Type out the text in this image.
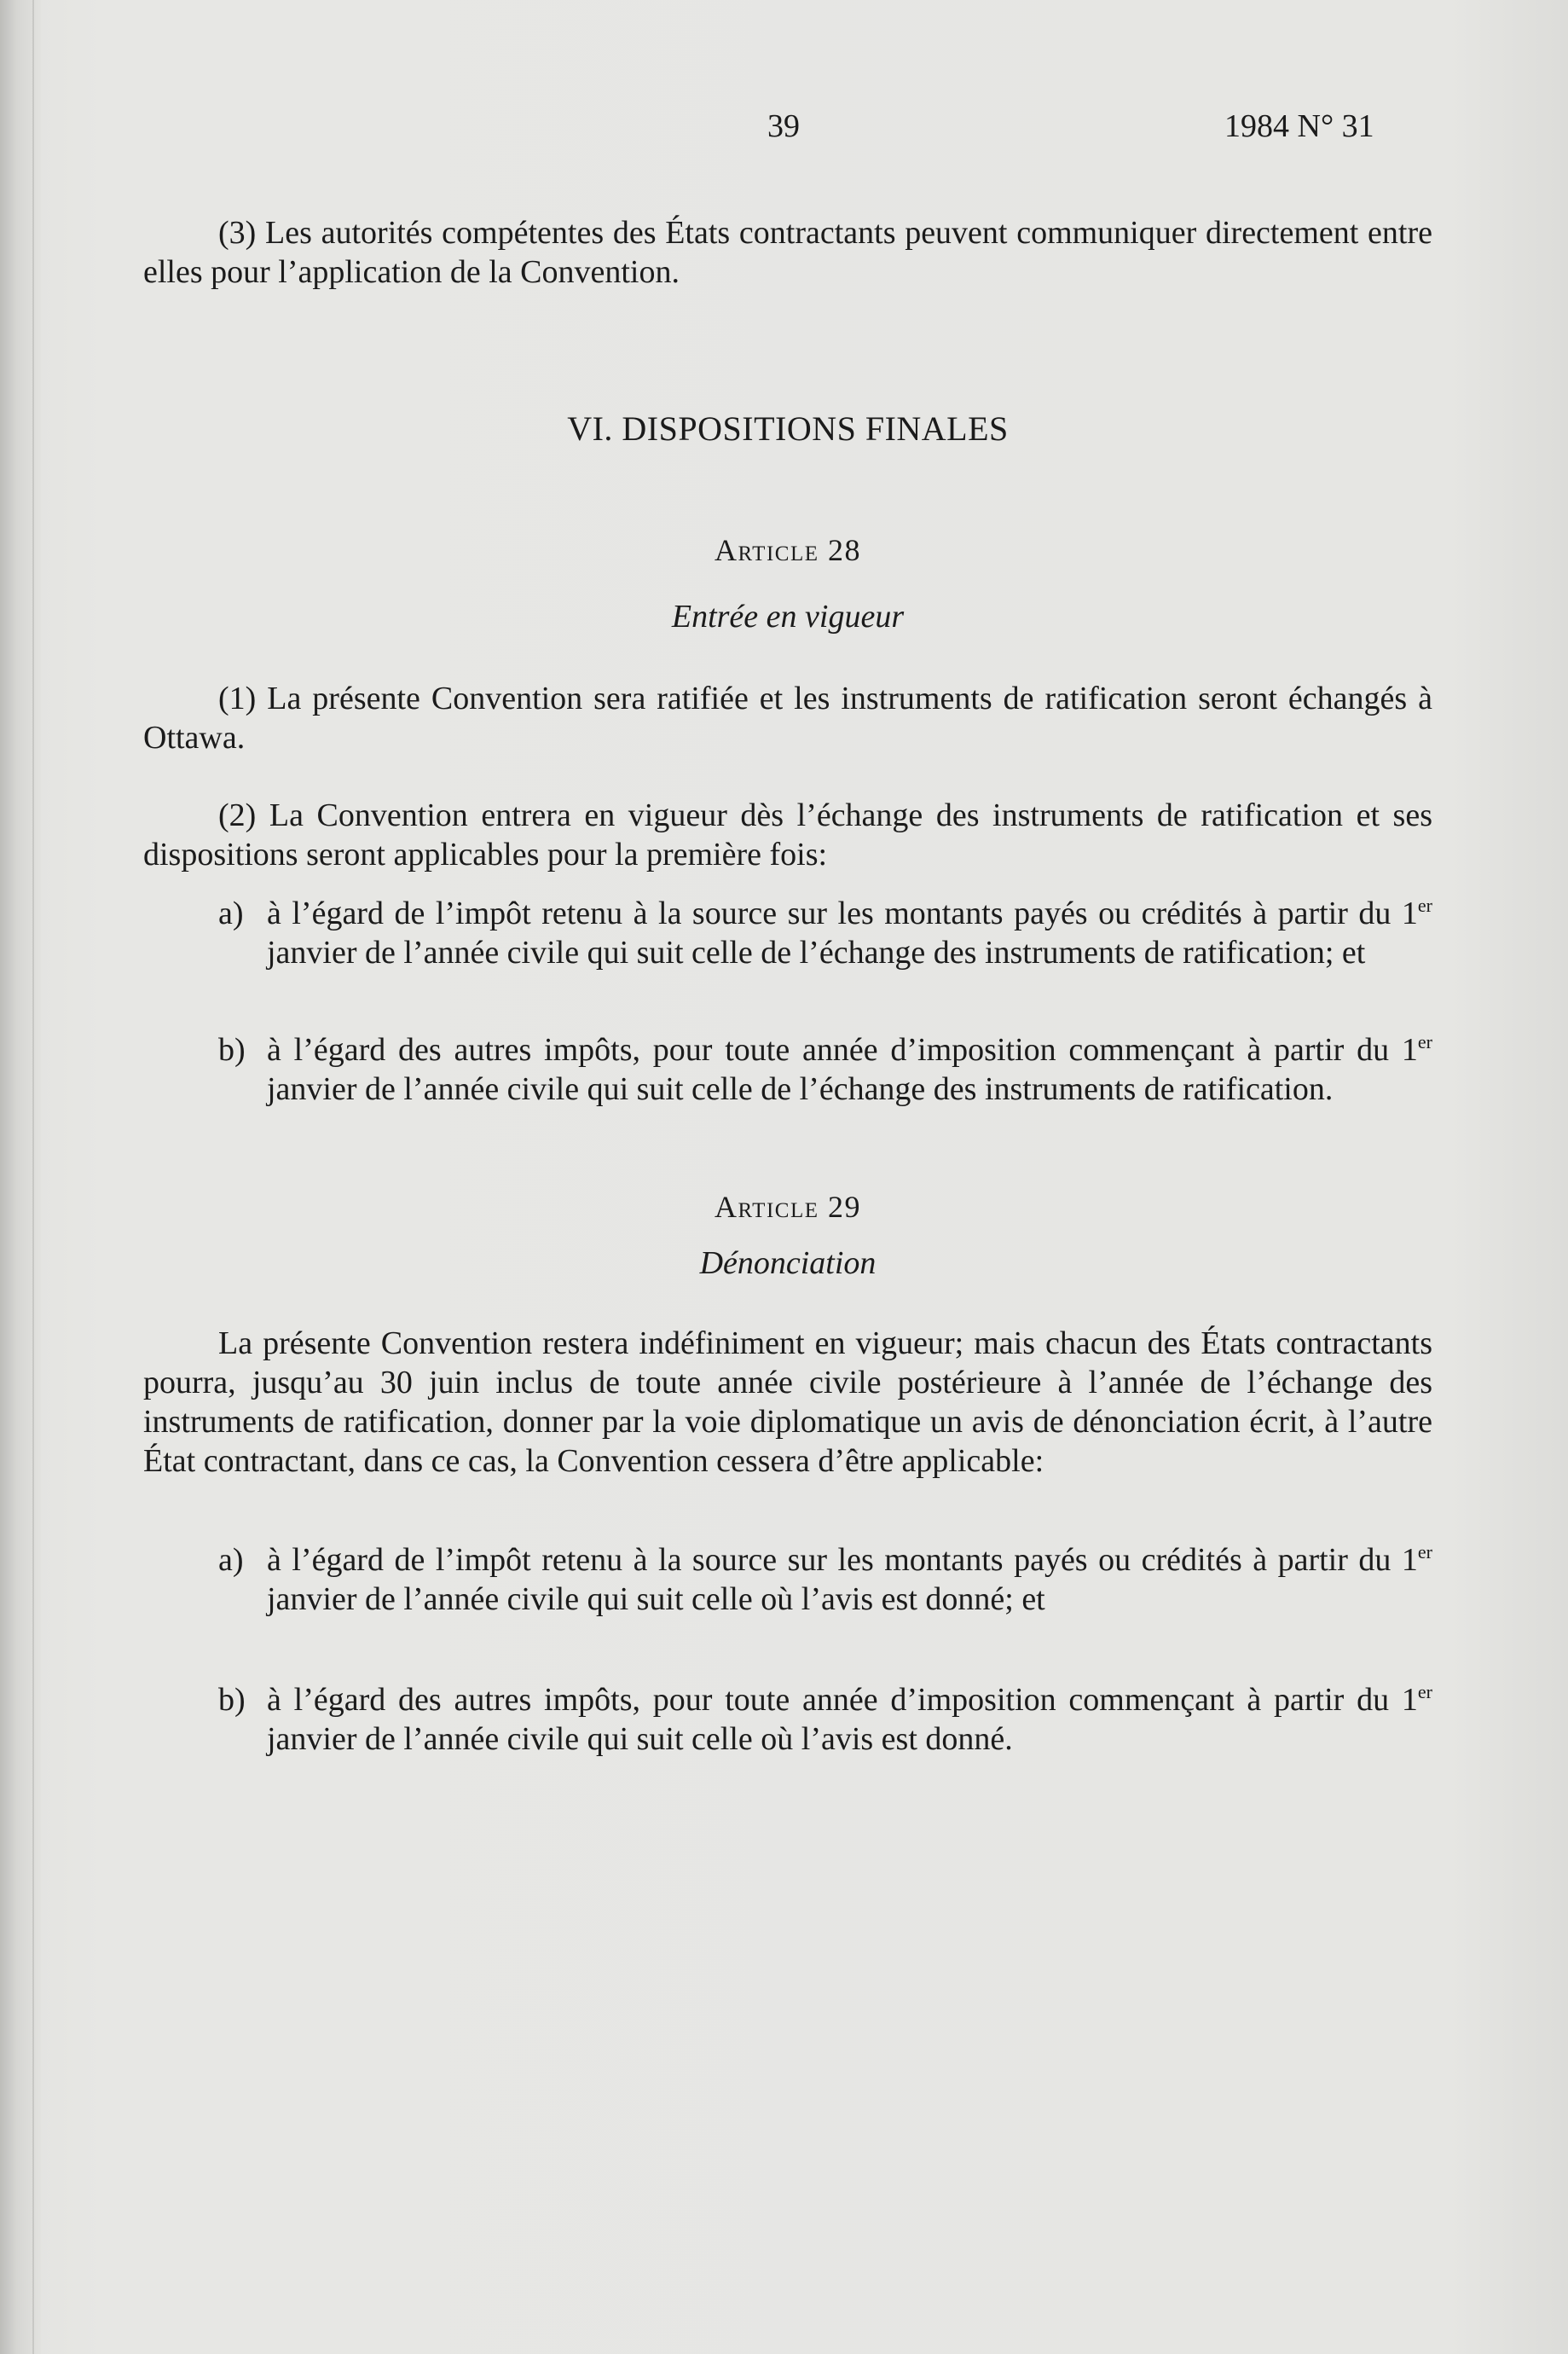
39	1984 N° 31
(3) Les autorités compétentes des États contractants peuvent communiquer directement entre elles pour l’application de la Convention.
VI. DISPOSITIONS FINALES
Article 28
Entrée en vigueur
(1) La présente Convention sera ratifiée et les instruments de ratification seront échangés à Ottawa.
(2) La Convention entrera en vigueur dès l’échange des instruments de ratification et ses dispositions seront applicables pour la première fois:
a) à l’égard de l’impôt retenu à la source sur les montants payés ou crédités à partir du 1er janvier de l’année civile qui suit celle de l’échange des instruments de ratification; et
b) à l’égard des autres impôts, pour toute année d’imposition commençant à partir du 1er janvier de l’année civile qui suit celle de l’échange des instruments de ratification.
Article 29
Dénonciation
La présente Convention restera indéfiniment en vigueur; mais chacun des États contractants pourra, jusqu’au 30 juin inclus de toute année civile postérieure à l’année de l’échange des instruments de ratification, donner par la voie diplomatique un avis de dénonciation écrit, à l’autre État contractant, dans ce cas, la Convention cessera d’être applicable:
a) à l’égard de l’impôt retenu à la source sur les montants payés ou crédités à partir du 1er janvier de l’année civile qui suit celle où l’avis est donné; et
b) à l’égard des autres impôts, pour toute année d’imposition commençant à partir du 1er janvier de l’année civile qui suit celle où l’avis est donné.
